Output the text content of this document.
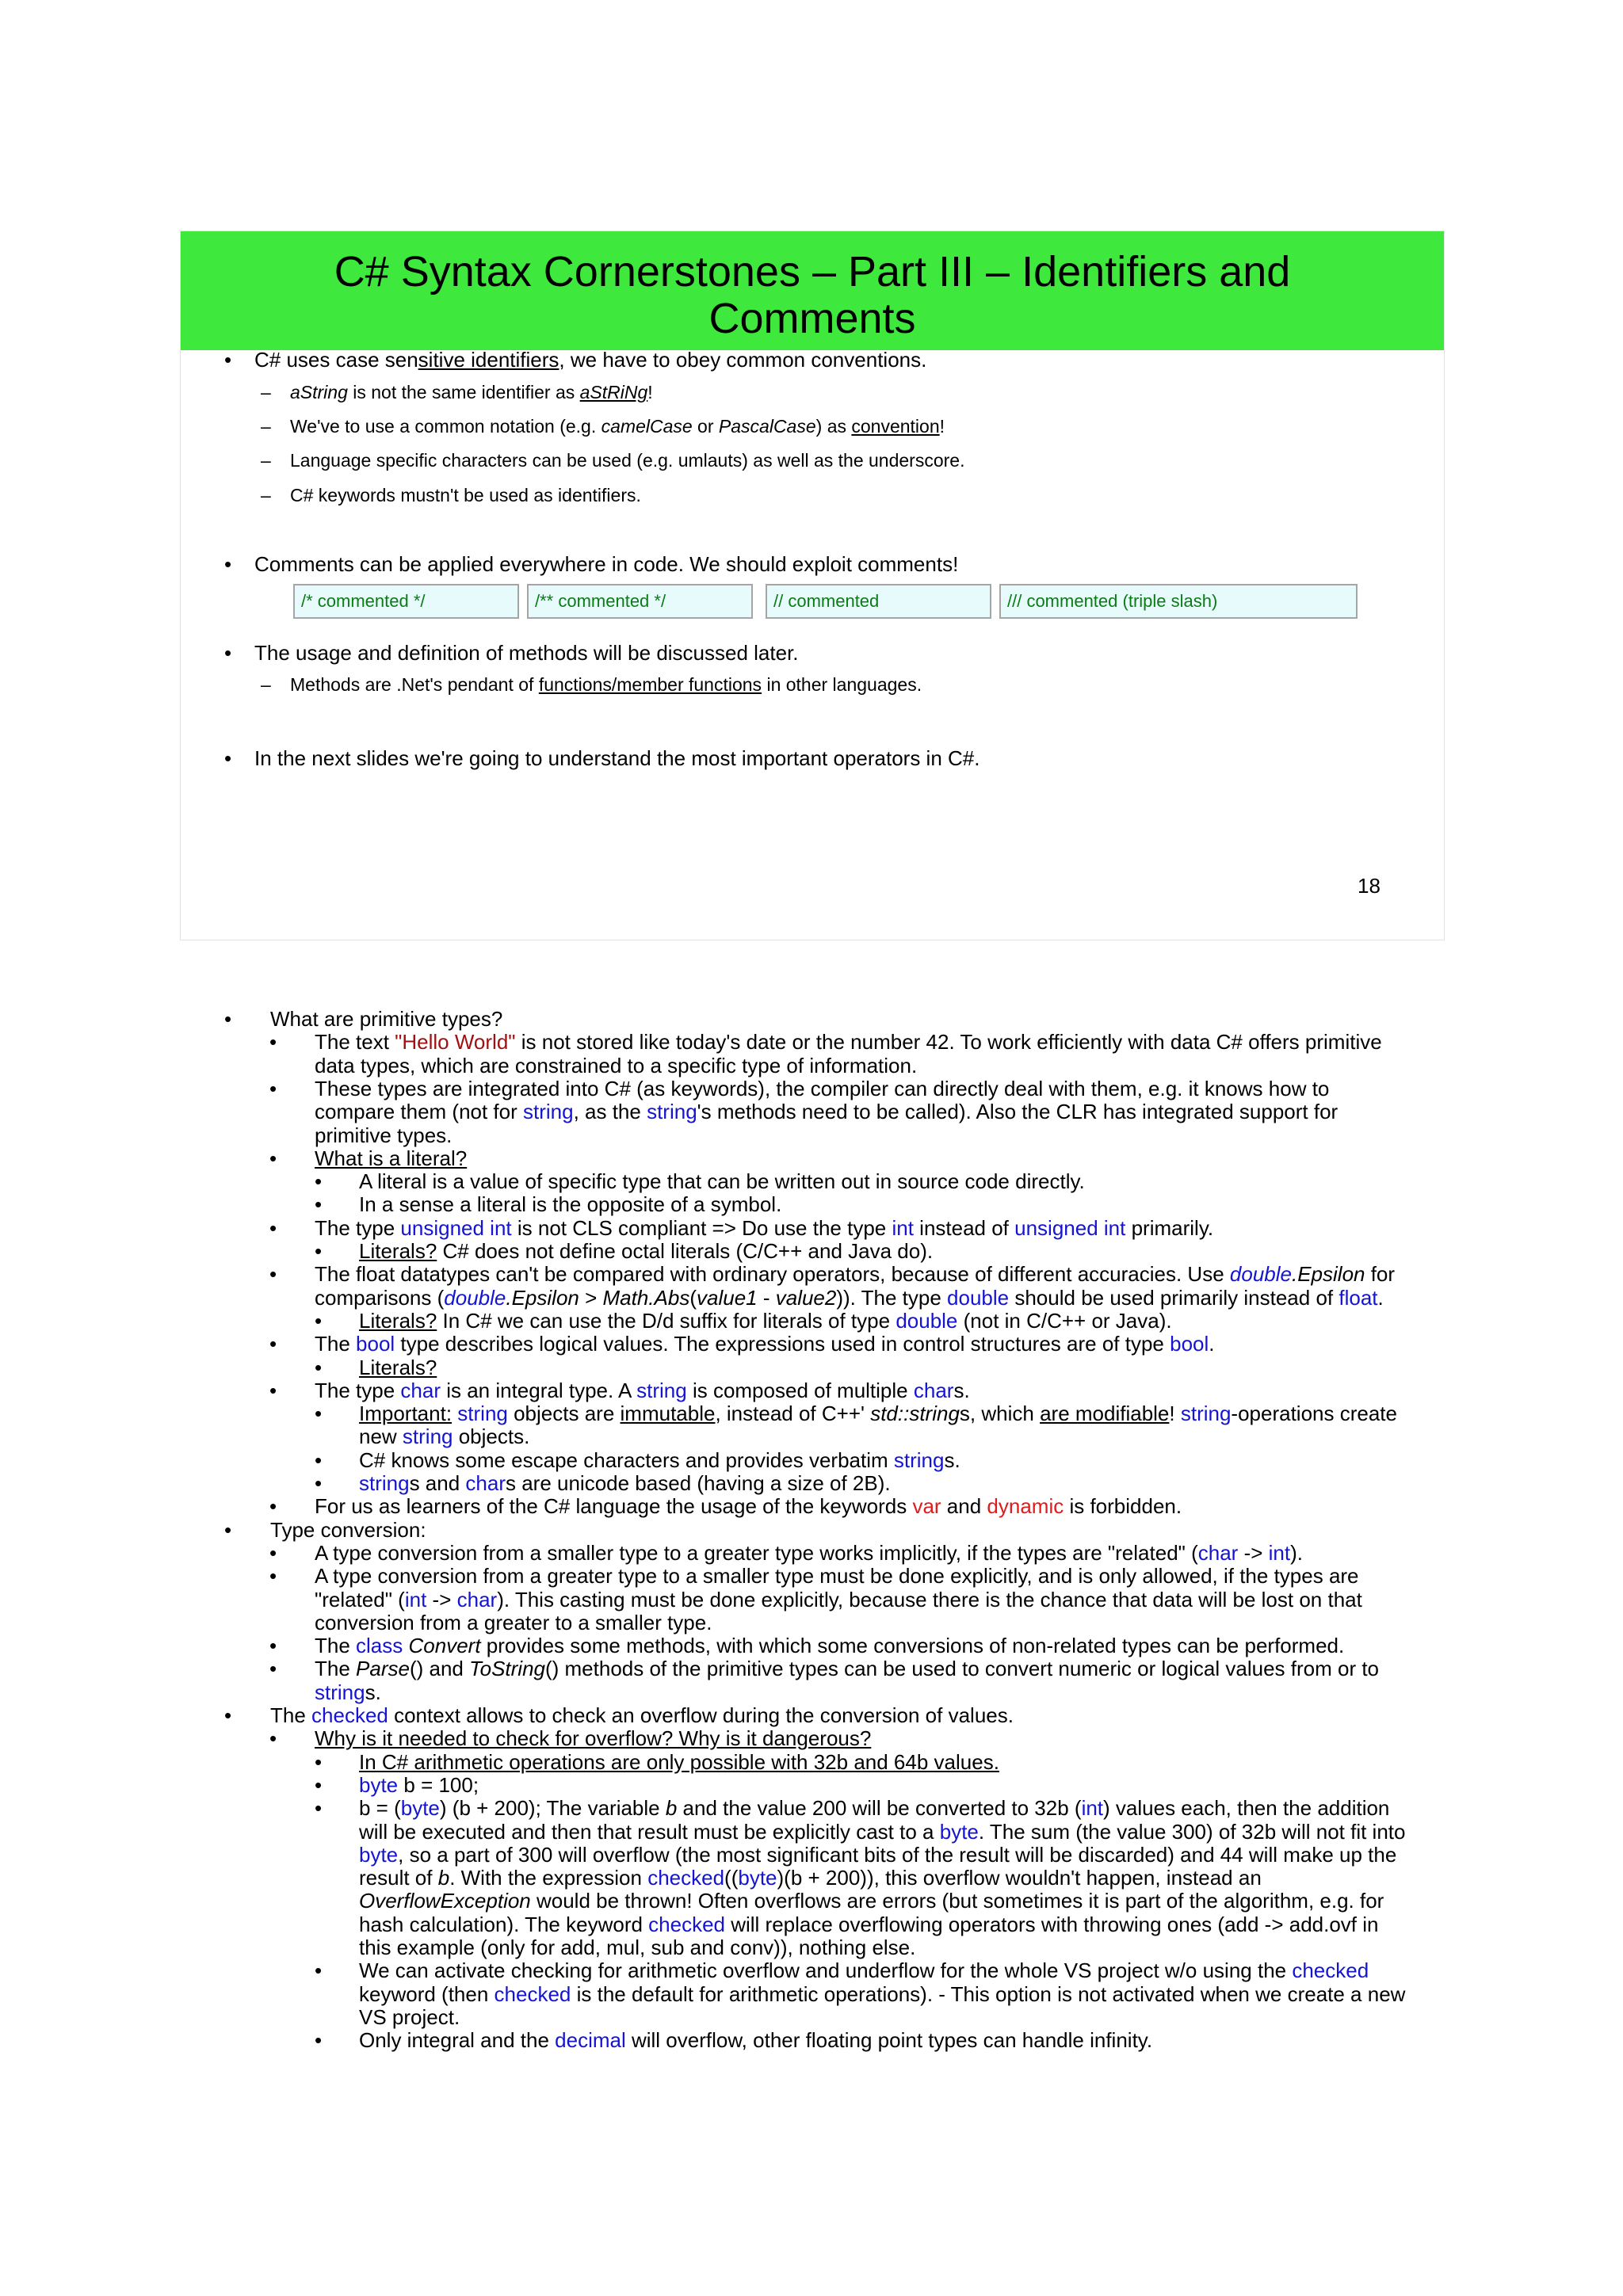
C# Syntax Cornerstones – Part III – Identifiers and
Comments
• C# uses case sensitive identifiers, we have to obey common conventions.
– aString is not the same identifier as aStRiNg!
– We've to use a common notation (e.g. camelCase or PascalCase) as convention!
– Language specific characters can be used (e.g. umlauts) as well as the underscore.
– C# keywords mustn't be used as identifiers.
• Comments can be applied everywhere in code. We should exploit comments!
/* commented */	/** commented */	// commented	/// commented (triple slash)
• The usage and definition of methods will be discussed later.
– Methods are .Net's pendant of functions/member functions in other languages.
• In the next slides we're going to understand the most important operators in C#.
18
• What are primitive types?
• The text "Hello World" is not stored like today's date or the number 42. To work efficiently with data C# offers primitive
data types, which are constrained to a specific type of information.
• These types are integrated into C# (as keywords), the compiler can directly deal with them, e.g. it knows how to
compare them (not for string, as the string's methods need to be called). Also the CLR has integrated support for
primitive types.
• What is a literal?
• A literal is a value of specific type that can be written out in source code directly.
• In a sense a literal is the opposite of a symbol.
• The type unsigned int is not CLS compliant => Do use the type int instead of unsigned int primarily.
• Literals? C# does not define octal literals (C/C++ and Java do).
• The float datatypes can't be compared with ordinary operators, because of different accuracies. Use double.Epsilon for
comparisons (double.Epsilon > Math.Abs(value1 - value2)). The type double should be used primarily instead of float.
• Literals? In C# we can use the D/d suffix for literals of type double (not in C/C++ or Java).
• The bool type describes logical values. The expressions used in control structures are of type bool.
• Literals?
• The type char is an integral type. A string is composed of multiple chars.
• Important: string objects are immutable, instead of C++' std::strings, which are modifiable! string-operations create
new string objects.
• C# knows some escape characters and provides verbatim strings.
• strings and chars are unicode based (having a size of 2B).
• For us as learners of the C# language the usage of the keywords var and dynamic is forbidden.
• Type conversion:
• A type conversion from a smaller type to a greater type works implicitly, if the types are "related" (char -> int).
• A type conversion from a greater type to a smaller type must be done explicitly, and is only allowed, if the types are
"related" (int -> char). This casting must be done explicitly, because there is the chance that data will be lost on that
conversion from a greater to a smaller type.
• The class Convert provides some methods, with which some conversions of non-related types can be performed.
• The Parse() and ToString() methods of the primitive types can be used to convert numeric or logical values from or to
strings.
• The checked context allows to check an overflow during the conversion of values.
• Why is it needed to check for overflow? Why is it dangerous?
• In C# arithmetic operations are only possible with 32b and 64b values.
• byte b = 100;
• b = (byte) (b + 200); The variable b and the value 200 will be converted to 32b (int) values each, then the addition
will be executed and then that result must be explicitly cast to a byte. The sum (the value 300) of 32b will not fit into
byte, so a part of 300 will overflow (the most significant bits of the result will be discarded) and 44 will make up the
result of b. With the expression checked((byte)(b + 200)), this overflow wouldn't happen, instead an
OverflowException would be thrown! Often overflows are errors (but sometimes it is part of the algorithm, e.g. for
hash calculation). The keyword checked will replace overflowing operators with throwing ones (add -> add.ovf in
this example (only for add, mul, sub and conv)), nothing else.
• We can activate checking for arithmetic overflow and underflow for the whole VS project w/o using the checked
keyword (then checked is the default for arithmetic operations). - This option is not activated when we create a new
VS project.
• Only integral and the decimal will overflow, other floating point types can handle infinity.
